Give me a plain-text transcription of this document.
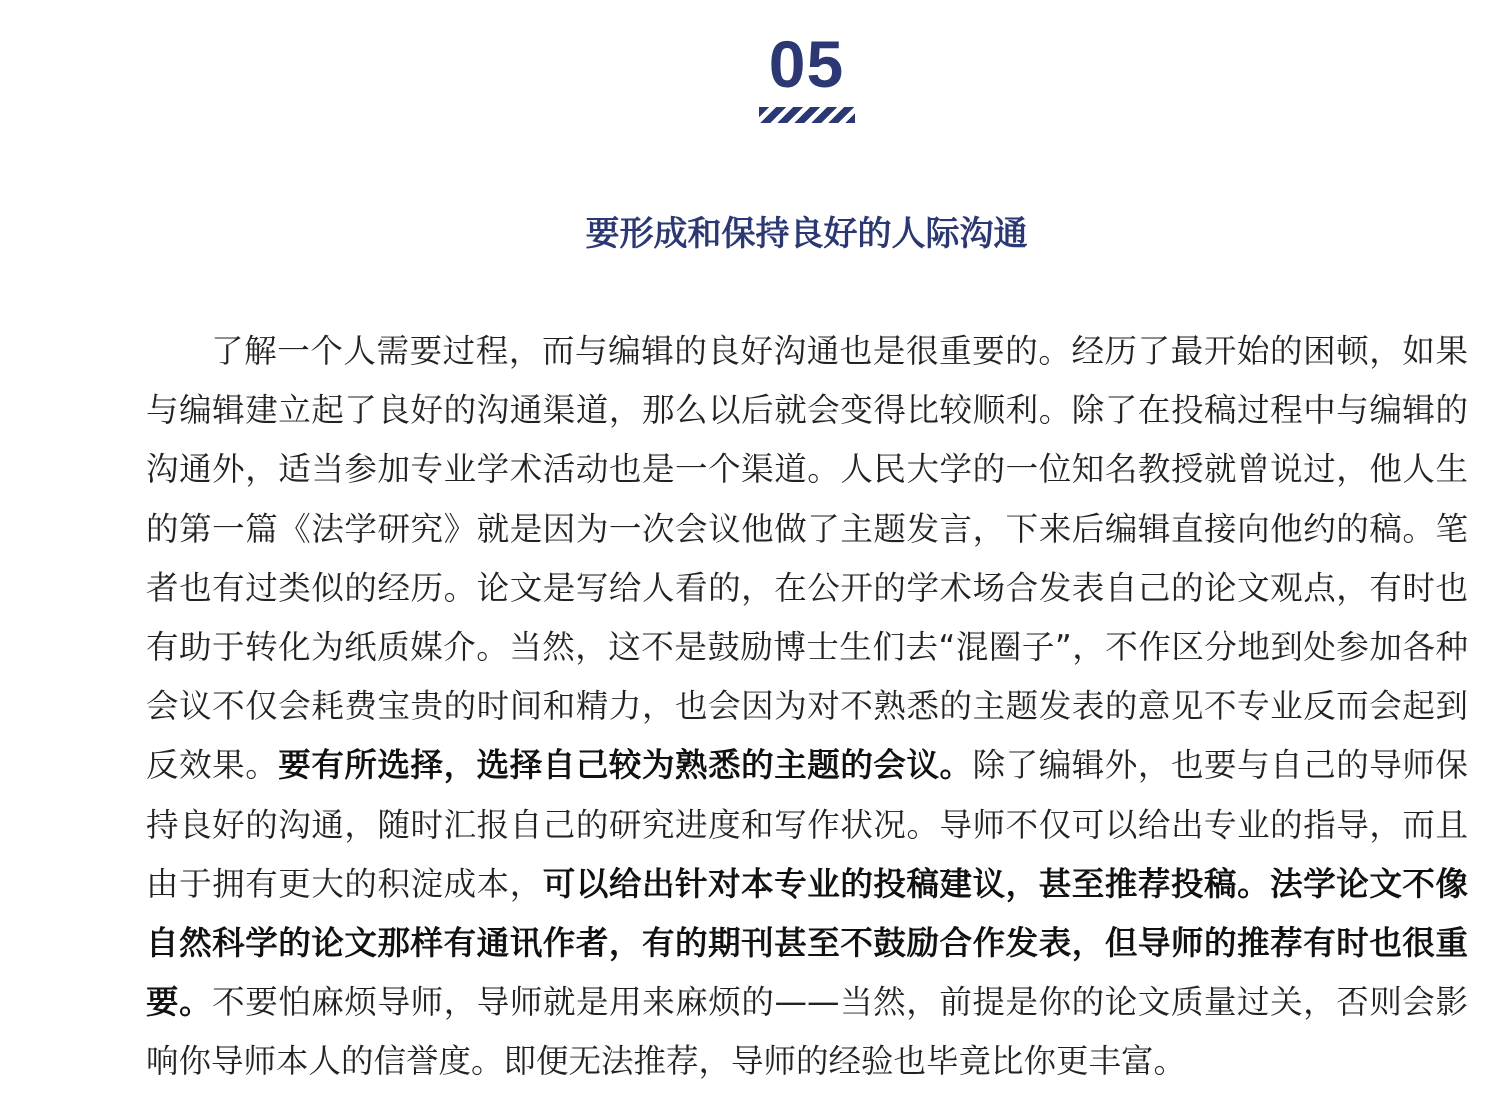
05
要形成和保持良好的人际沟通

了解一个人需要过程，而与编辑的良好沟通也是很重要的。经历了最开始的困顿，如果与编辑建立起了良好的沟通渠道，那么以后就会变得比较顺利。除了在投稿过程中与编辑的沟通外，适当参加专业学术活动也是一个渠道。人民大学的一位知名教授就曾说过，他人生的第一篇《法学研究》就是因为一次会议他做了主题发言，下来后编辑直接向他约的稿。笔者也有过类似的经历。论文是写给人看的，在公开的学术场合发表自己的论文观点，有时也有助于转化为纸质媒介。当然，这不是鼓励博士生们去“混圈子”，不作区分地到处参加各种会议不仅会耗费宝贵的时间和精力，也会因为对不熟悉的主题发表的意见不专业反而会起到反效果。要有所选择，选择自己较为熟悉的主题的会议。除了编辑外，也要与自己的导师保持良好的沟通，随时汇报自己的研究进度和写作状况。导师不仅可以给出专业的指导，而且由于拥有更大的积淀成本，可以给出针对本专业的投稿建议，甚至推荐投稿。法学论文不像自然科学的论文那样有通讯作者，有的期刊甚至不鼓励合作发表，但导师的推荐有时也很重要。不要怕麻烦导师，导师就是用来麻烦的——当然，前提是你的论文质量过关，否则会影响你导师本人的信誉度。即便无法推荐，导师的经验也毕竟比你更丰富。
